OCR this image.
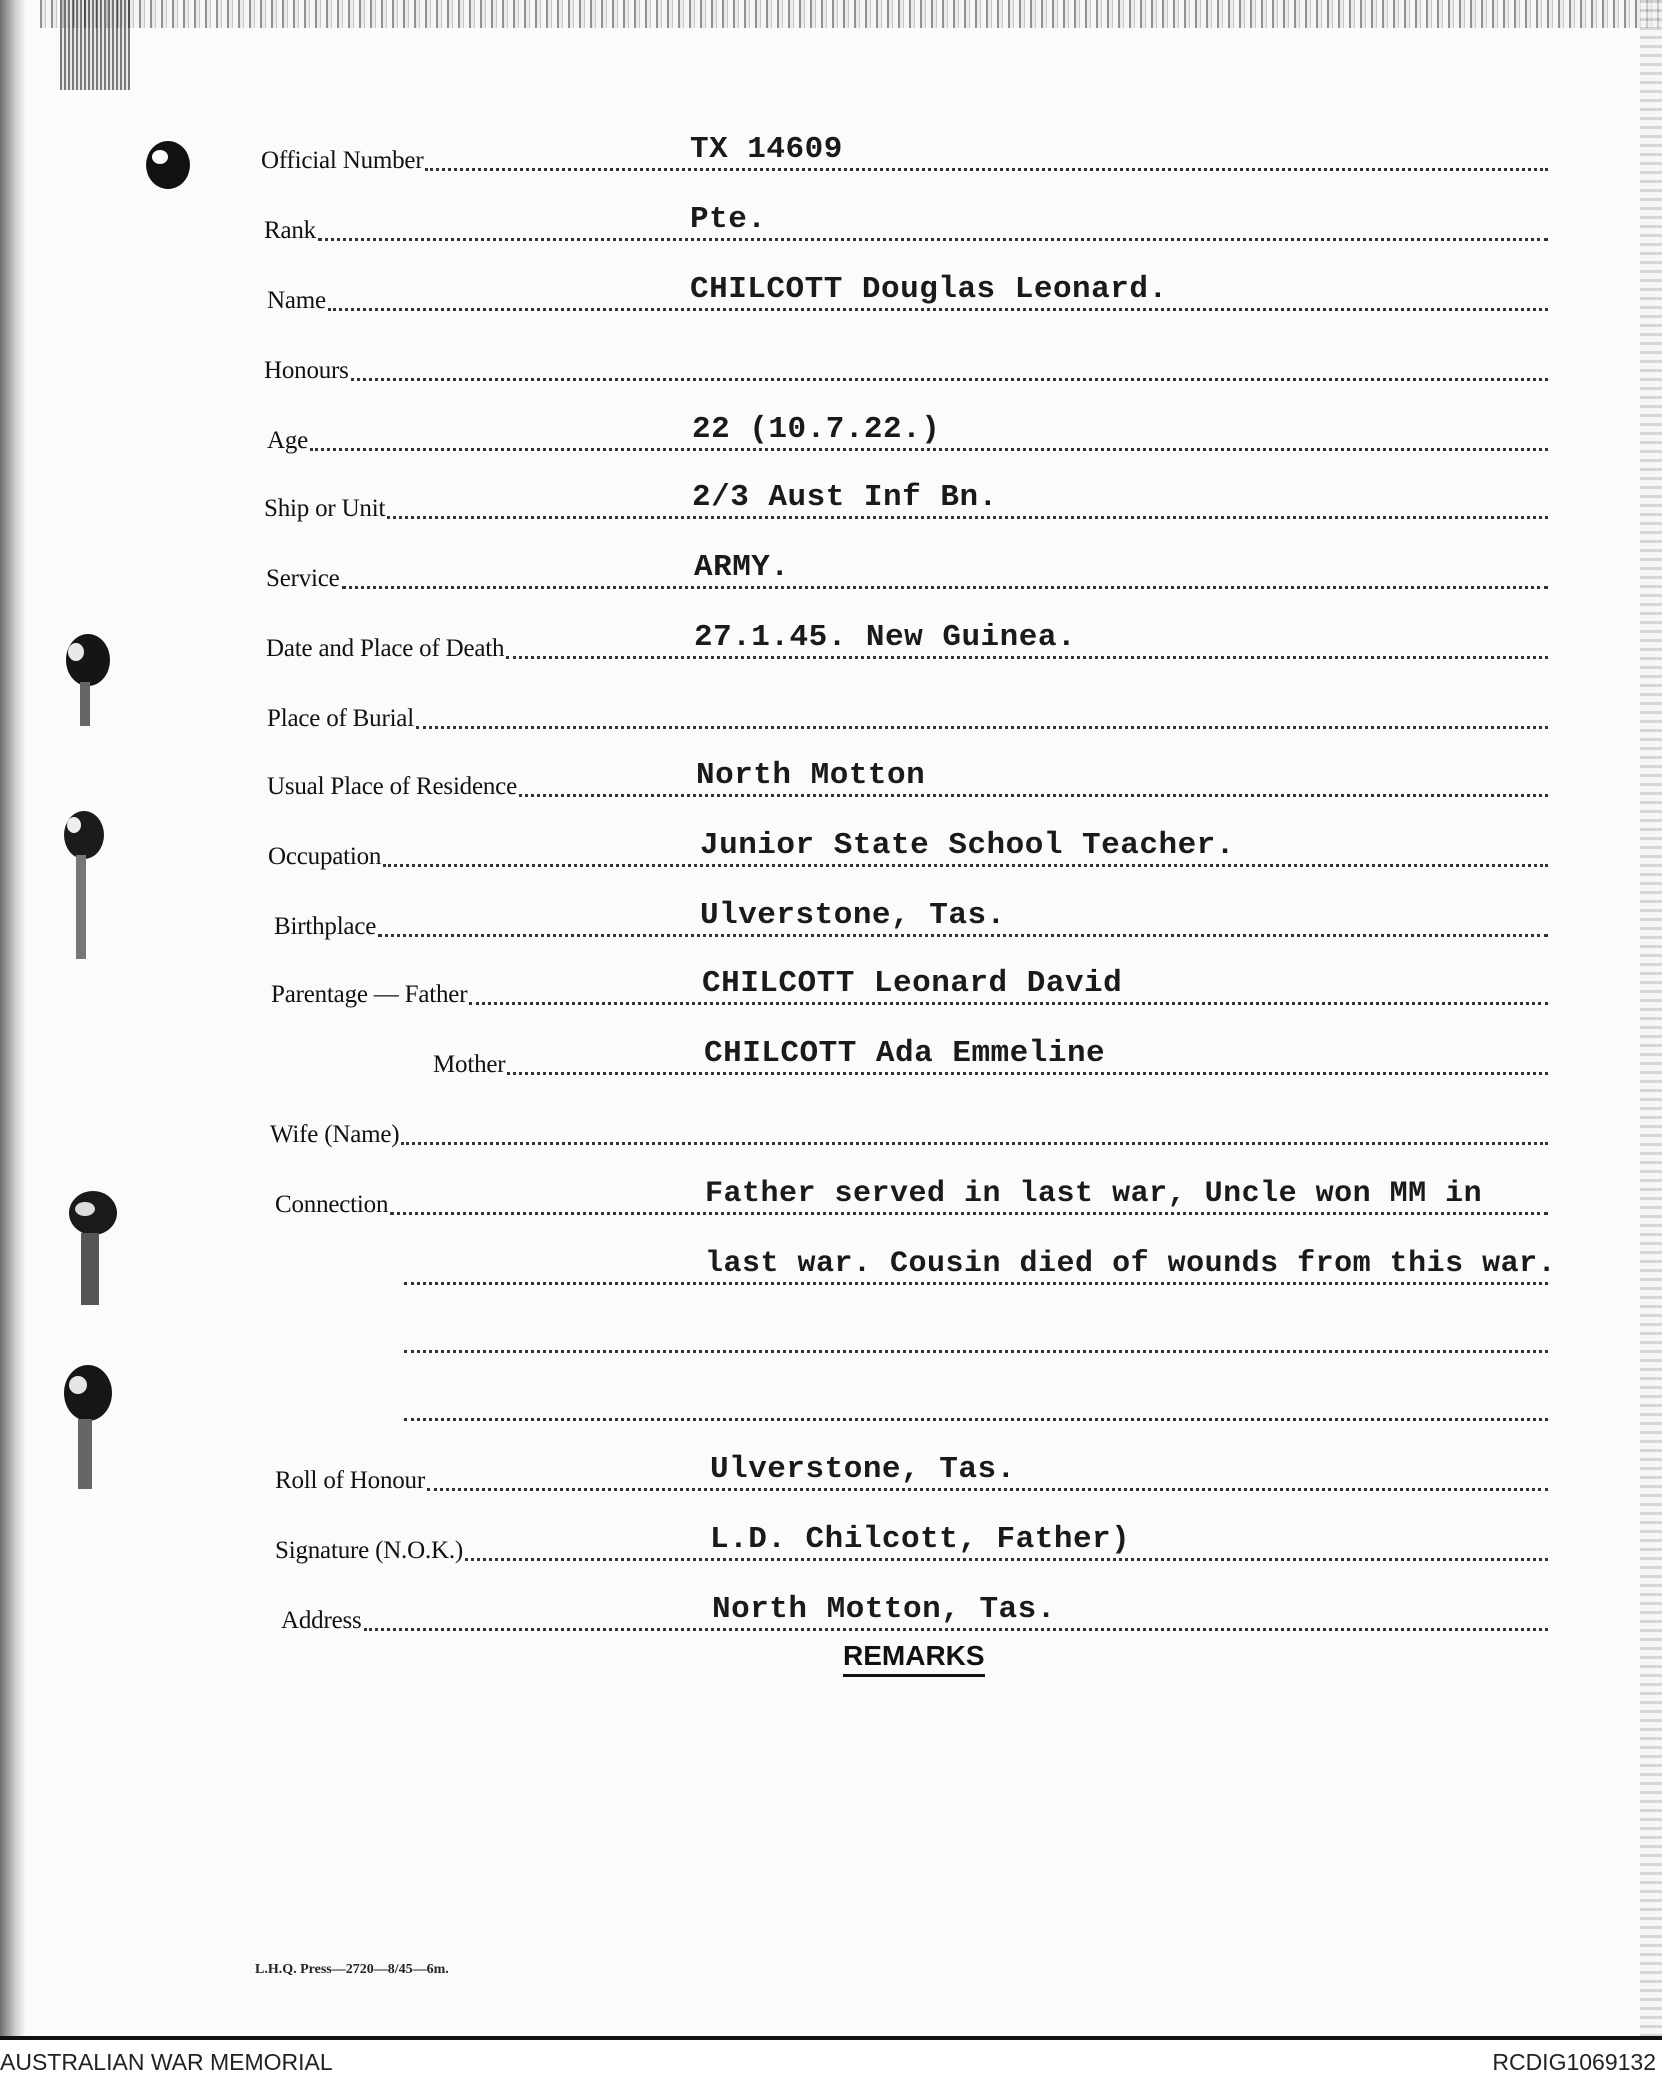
Official Number	TX 14609
Rank	Pte.
Name	CHILCOTT Douglas Leonard.
Honours
Age	22 (10.7.22.)
Ship or Unit	2/3 Aust Inf Bn.
Service	ARMY.
Date and Place of Death	27.1.45. New Guinea.
Place of Burial
Usual Place of Residence	North Motton
Occupation	Junior State School Teacher.
Birthplace	Ulverstone, Tas.
Parentage — Father	CHILCOTT Leonard David
Mother	CHILCOTT Ada Emmeline
Wife (Name)
Connection	Father served in last war, Uncle won MM in
last war. Cousin died of wounds from this war.
Roll of Honour	Ulverstone, Tas.
Signature (N.O.K.)	L.D. Chilcott, Father)
Address	North Motton, Tas.
REMARKS
L.H.Q. Press—2720—8/45—6m.
AUSTRALIAN WAR MEMORIAL	RCDIG1069132
